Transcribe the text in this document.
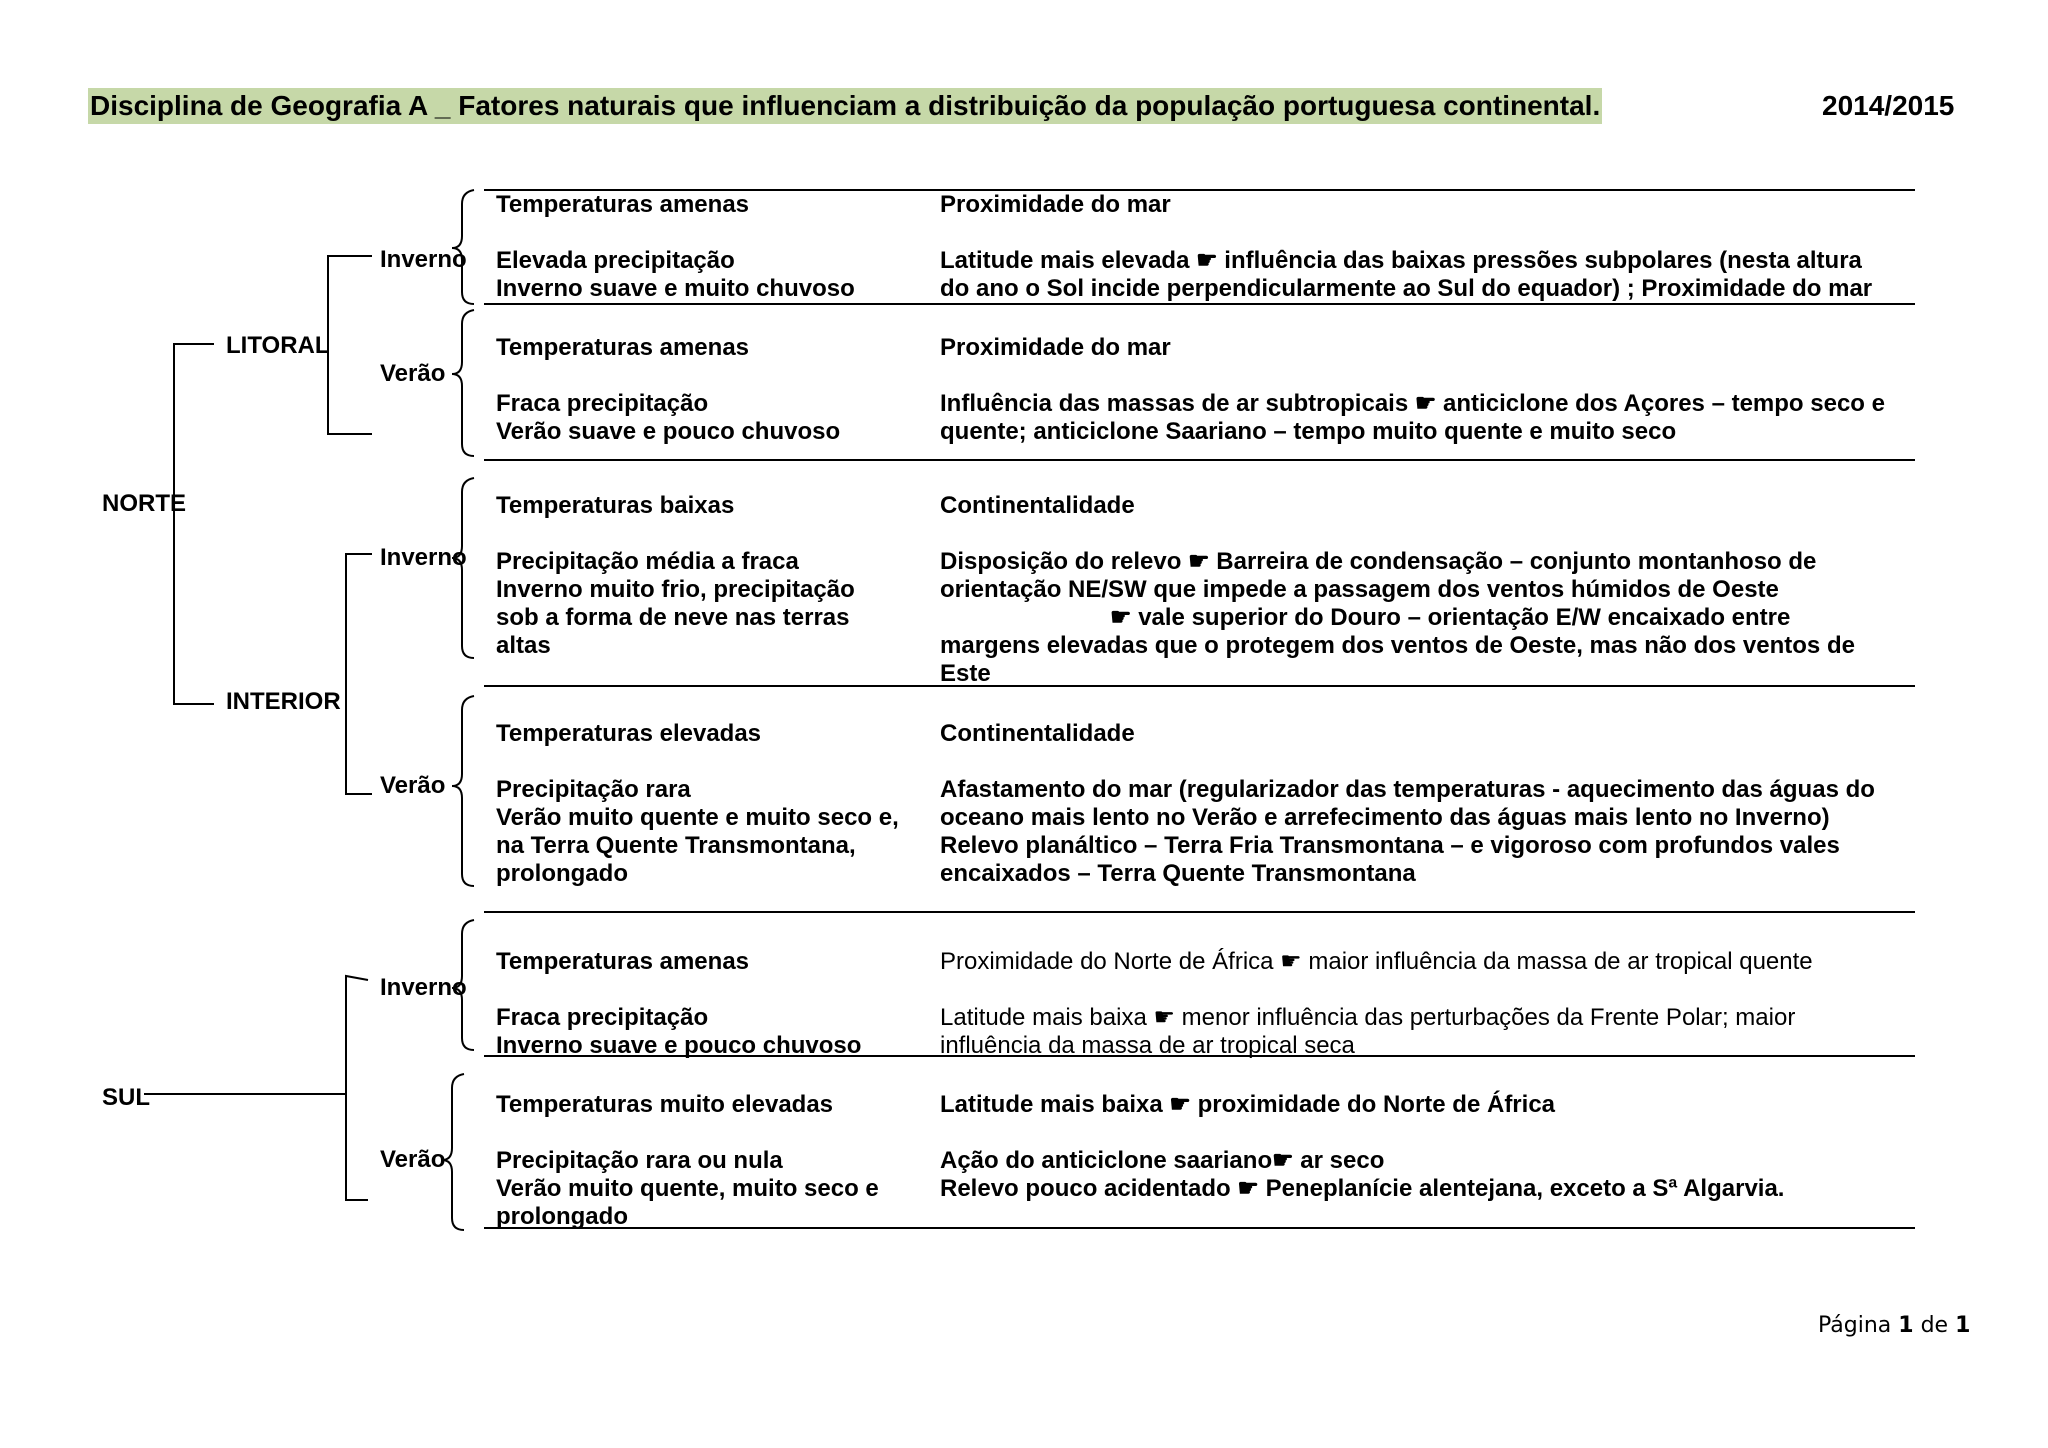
Disciplina de Geografia A _ Fatores naturais que influenciam a distribuição da população portuguesa continental.	2014/2015
NORTE
SUL
LITORAL
INTERIOR
Inverno
Verão
Inverno
Verão
Inverno
Verão
Temperaturas amenas
Elevada precipitação
Inverno suave e muito chuvoso
Proximidade do mar
Latitude mais elevada ☛ influência das baixas pressões subpolares (nesta altura
do ano o Sol incide perpendicularmente ao Sul do equador) ; Proximidade do mar
Temperaturas amenas
Fraca precipitação
Verão suave e pouco chuvoso
Proximidade do mar
Influência das massas de ar subtropicais ☛ anticiclone dos Açores – tempo seco e
quente; anticiclone Saariano – tempo muito quente e muito seco
Temperaturas baixas
Precipitação média a fraca
Inverno muito frio, precipitação
sob a forma de neve nas terras
altas
Continentalidade
Disposição do relevo ☛ Barreira de condensação – conjunto montanhoso de
orientação NE/SW que impede a passagem dos ventos húmidos de Oeste
☛ vale superior do Douro – orientação E/W encaixado entre
margens elevadas que o protegem dos ventos de Oeste, mas não dos ventos de
Este
Temperaturas elevadas
Precipitação rara
Verão muito quente e muito seco e,
na Terra Quente Transmontana,
prolongado
Continentalidade
Afastamento do mar (regularizador das temperaturas - aquecimento das águas do
oceano mais lento no Verão e arrefecimento das águas mais lento no Inverno)
Relevo planáltico – Terra Fria Transmontana – e vigoroso com profundos vales
encaixados – Terra Quente Transmontana
Temperaturas amenas
Fraca precipitação
Inverno suave e pouco chuvoso
Proximidade do Norte de África ☛ maior influência da massa de ar tropical quente
Latitude mais baixa ☛ menor influência das perturbações da Frente Polar; maior
influência da massa de ar tropical seca
Temperaturas muito elevadas
Precipitação rara ou nula
Verão muito quente, muito seco e
prolongado
Latitude mais baixa ☛ proximidade do Norte de África
Ação do anticiclone saariano☛ ar seco
Relevo pouco acidentado ☛ Peneplanície alentejana, exceto a Sª Algarvia.
Página 1 de 1
